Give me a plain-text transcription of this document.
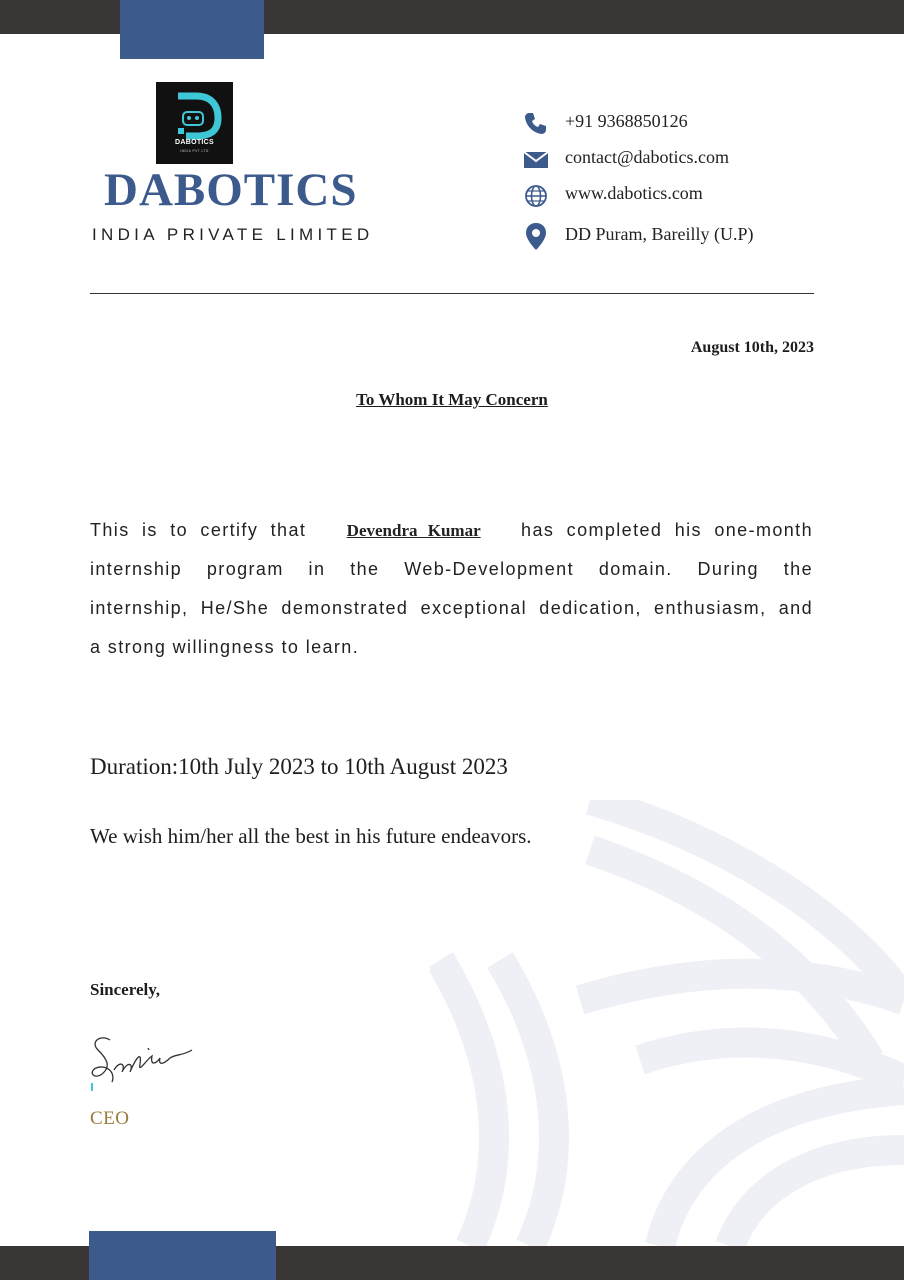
DABOTICS
INDIA PVT LTD
DABOTICS
INDIA PRIVATE LIMITED
+91 9368850126
contact@dabotics.com
www.dabotics.com
DD Puram, Bareilly (U.P)
August 10th, 2023
To Whom It May Concern
This is to certify that Devendra Kumar has completed his one-month
internship program in the Web-Development domain. During the
internship, He/She demonstrated exceptional dedication, enthusiasm, and
a strong willingness to learn.
Duration:10th July 2023 to 10th August 2023
We wish him/her all the best in his future endeavors.
Sincerely,
CEO
